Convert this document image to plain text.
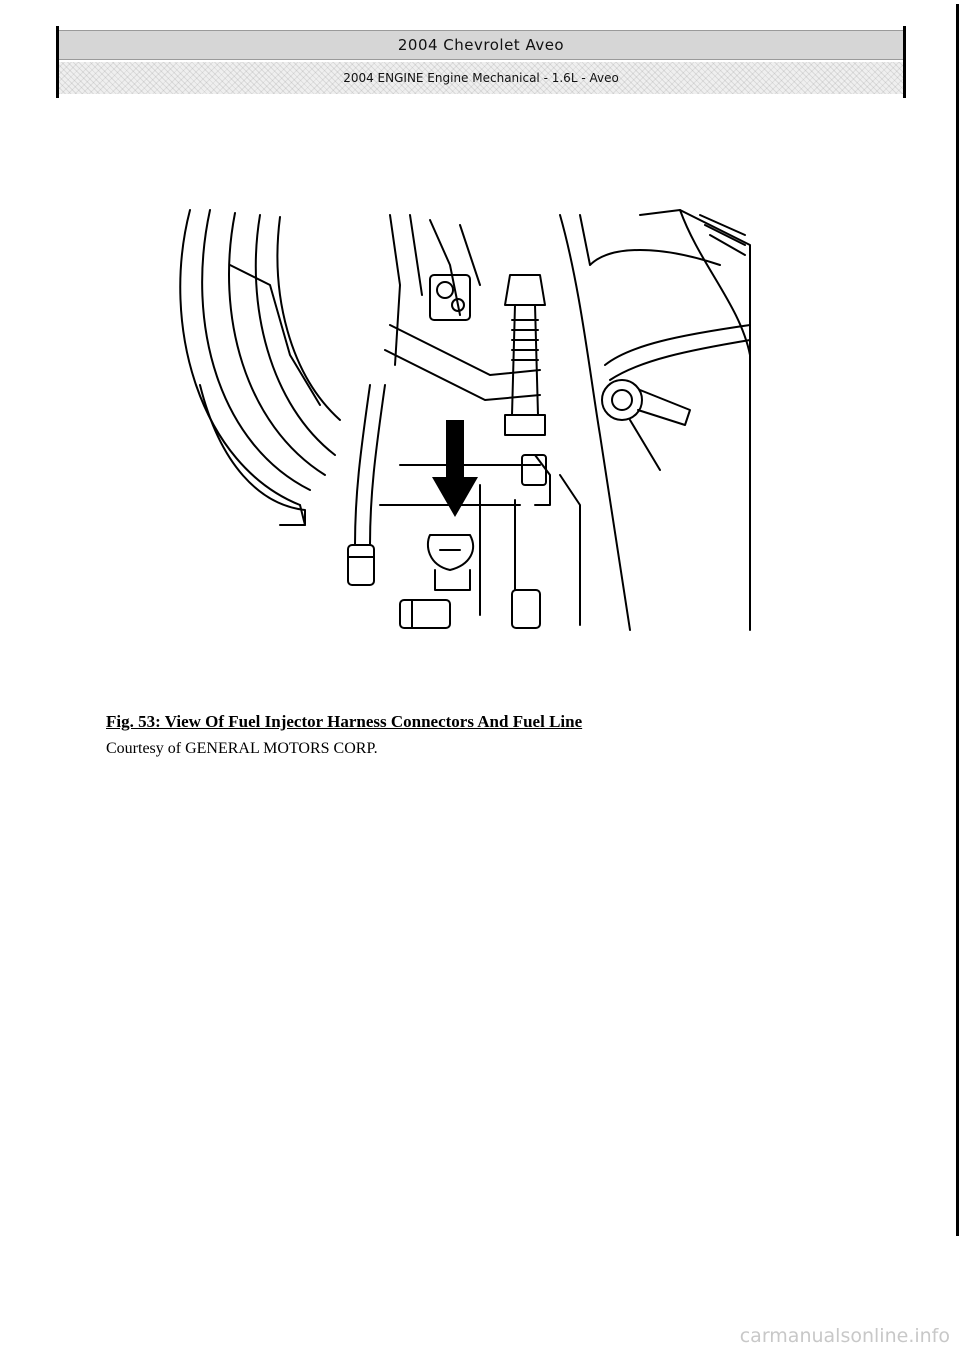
2004 Chevrolet Aveo
2004 ENGINE Engine Mechanical - 1.6L - Aveo
Fig. 53: View Of Fuel Injector Harness Connectors And Fuel Line
Courtesy of GENERAL MOTORS CORP.
carmanualsonline.info
